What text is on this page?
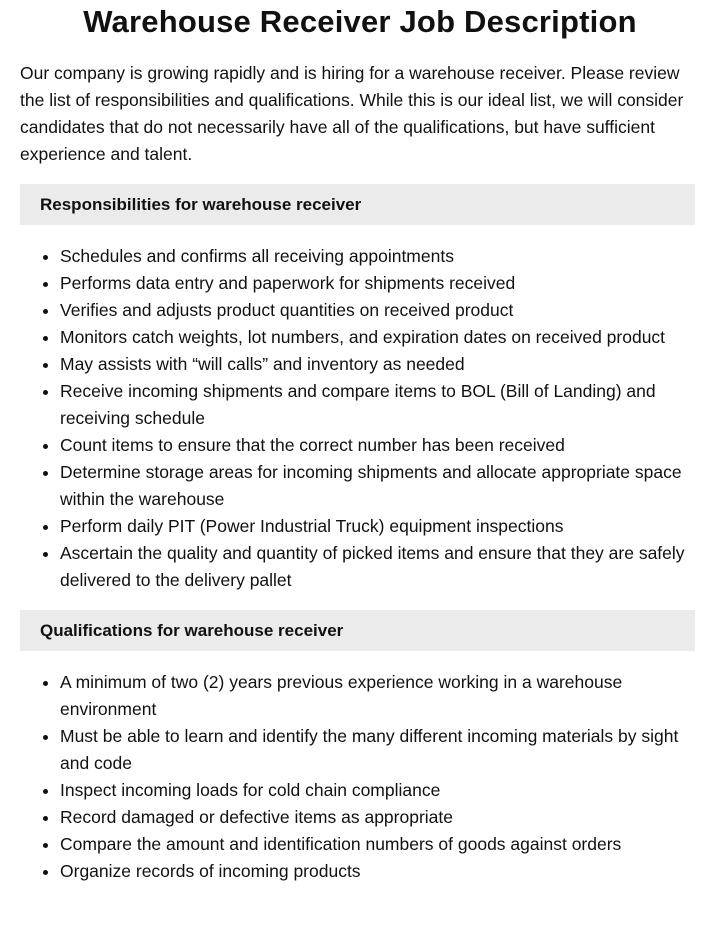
Warehouse Receiver Job Description

Our company is growing rapidly and is hiring for a warehouse receiver. Please review the list of responsibilities and qualifications. While this is our ideal list, we will consider candidates that do not necessarily have all of the qualifications, but have sufficient experience and talent.

Responsibilities for warehouse receiver
• Schedules and confirms all receiving appointments
• Performs data entry and paperwork for shipments received
• Verifies and adjusts product quantities on received product
• Monitors catch weights, lot numbers, and expiration dates on received product
• May assists with “will calls” and inventory as needed
• Receive incoming shipments and compare items to BOL (Bill of Landing) and receiving schedule
• Count items to ensure that the correct number has been received
• Determine storage areas for incoming shipments and allocate appropriate space within the warehouse
• Perform daily PIT (Power Industrial Truck) equipment inspections
• Ascertain the quality and quantity of picked items and ensure that they are safely delivered to the delivery pallet
Qualifications for warehouse receiver
• A minimum of two (2) years previous experience working in a warehouse environment
• Must be able to learn and identify the many different incoming materials by sight and code
• Inspect incoming loads for cold chain compliance
• Record damaged or defective items as appropriate
• Compare the amount and identification numbers of goods against orders
• Organize records of incoming products
